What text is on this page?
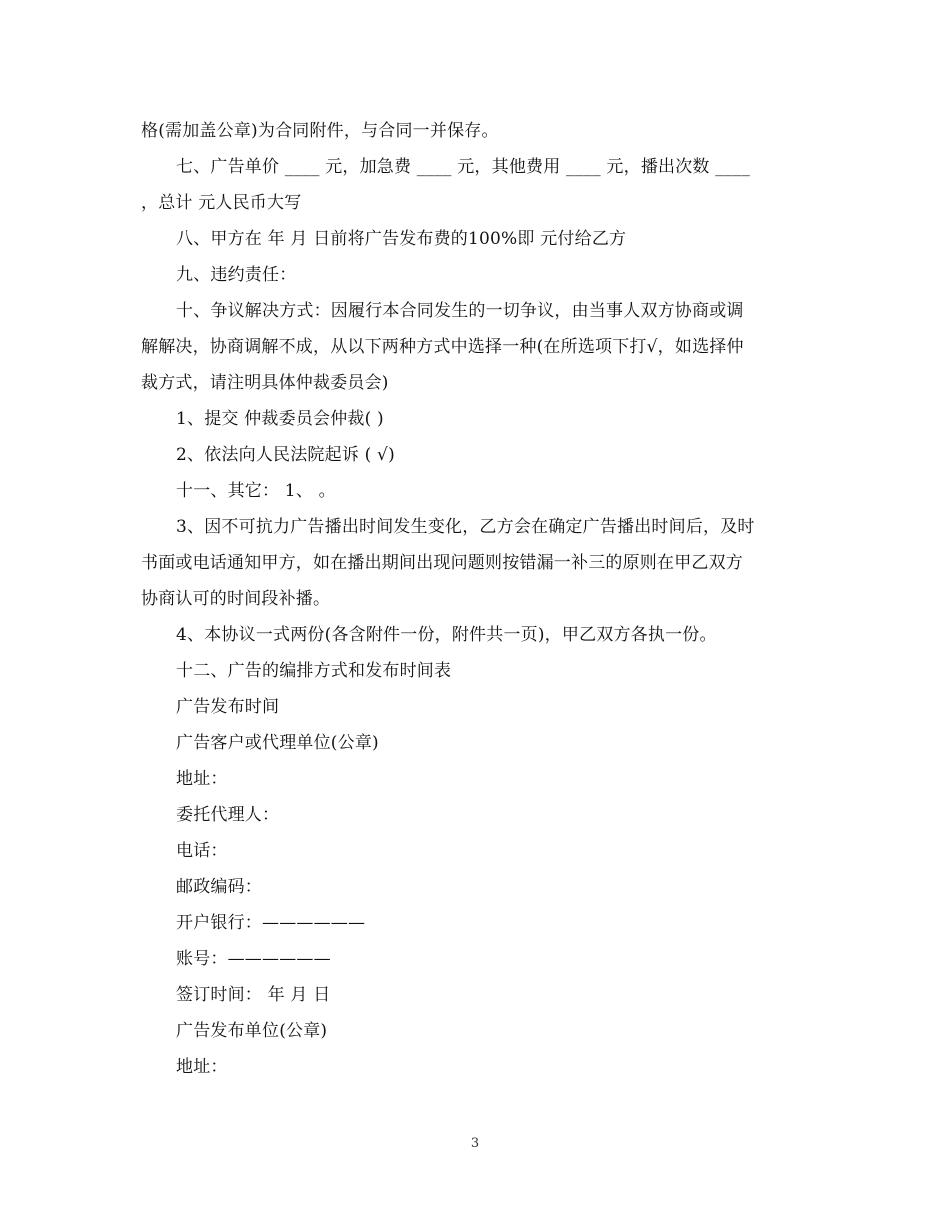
格(需加盖公章)为合同附件，与合同一并保存。

七、广告单价 ____ 元，加急费 ____ 元，其他费用 ____ 元，播出次数 ____

，总计 元人民币大写

八、甲方在 年 月 日前将广告发布费的100%即 元付给乙方

九、违约责任：

十、争议解决方式：因履行本合同发生的一切争议，由当事人双方协商或调

解解决，协商调解不成，从以下两种方式中选择一种(在所选项下打√，如选择仲

裁方式，请注明具体仲裁委员会)

1、提交 仲裁委员会仲裁( )

2、依法向人民法院起诉 ( √)

十一、其它： 1、 。

3、因不可抗力广告播出时间发生变化，乙方会在确定广告播出时间后，及时

书面或电话通知甲方，如在播出期间出现问题则按错漏一补三的原则在甲乙双方

协商认可的时间段补播。

4、本协议一式两份(各含附件一份，附件共一页)，甲乙双方各执一份。

十二、广告的编排方式和发布时间表

广告发布时间

广告客户或代理单位(公章)

地址：

委托代理人：

电话：

邮政编码：

开户银行：——————

账号：——————

签订时间： 年 月 日

广告发布单位(公章)

地址：

3
